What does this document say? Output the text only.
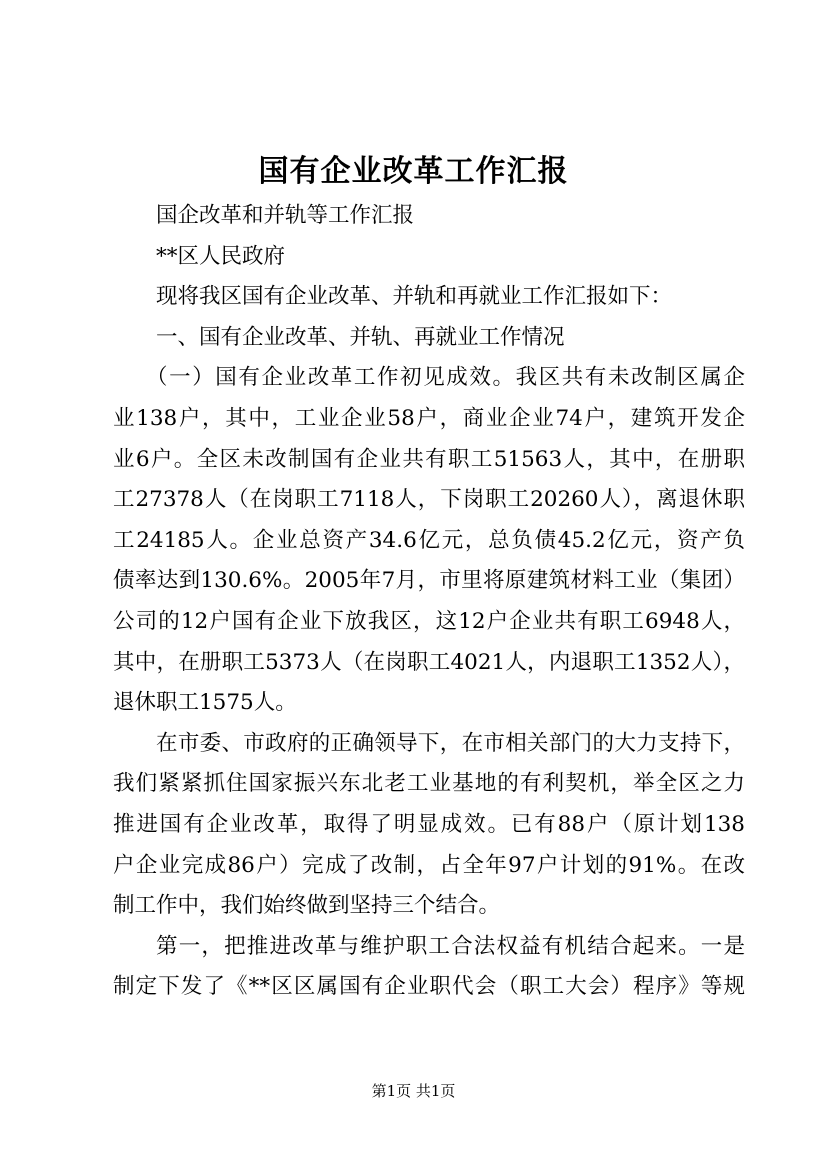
国有企业改革工作汇报

国企改革和并轨等工作汇报

**区人民政府

现将我区国有企业改革、并轨和再就业工作汇报如下：

一、国有企业改革、并轨、再就业工作情况

（一）国有企业改革工作初见成效。我区共有未改制区属企

业138户，其中，工业企业58户，商业企业74户，建筑开发企

业6户。全区未改制国有企业共有职工51563人，其中，在册职

工27378人（在岗职工7118人，下岗职工20260人），离退休职

工24185人。企业总资产34.6亿元，总负债45.2亿元，资产负

债率达到130.6%。2005年7月，市里将原建筑材料工业（集团）

公司的12户国有企业下放我区，这12户企业共有职工6948人，

其中，在册职工5373人（在岗职工4021人，内退职工1352人），

退休职工1575人。

在市委、市政府的正确领导下，在市相关部门的大力支持下，

我们紧紧抓住国家振兴东北老工业基地的有利契机，举全区之力

推进国有企业改革，取得了明显成效。已有88户（原计划138

户企业完成86户）完成了改制，占全年97户计划的91%。在改

制工作中，我们始终做到坚持三个结合。

第一，把推进改革与维护职工合法权益有机结合起来。一是

制定下发了《**区区属国有企业职代会（职工大会）程序》等规

第1页 共1页
